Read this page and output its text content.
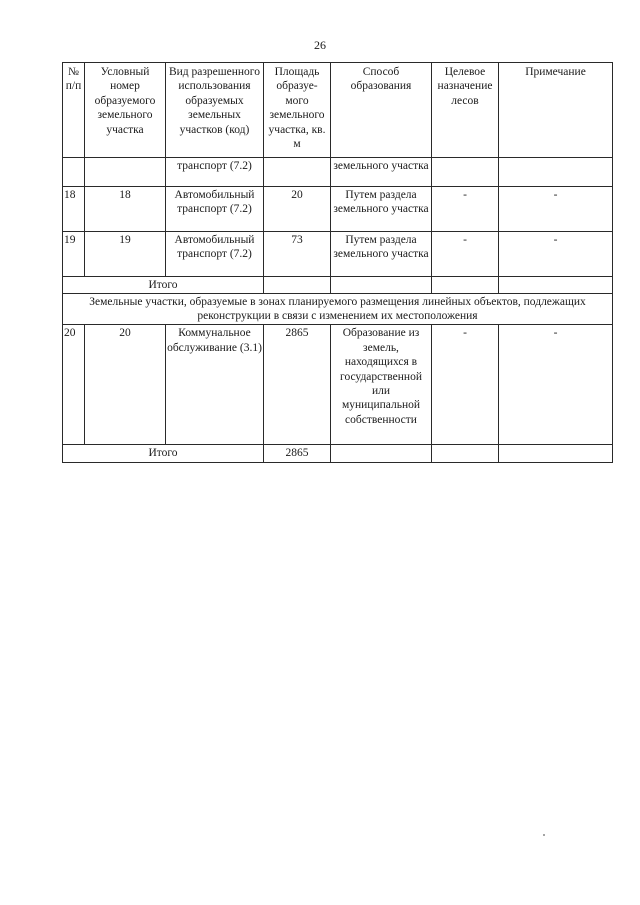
26
№ п/п	Условный номер образуемого земельного участка	Вид разрешенного использования образуемых земельных участков (код)	Площадь образуе-мого земельного участка, кв. м	Способ образования	Целевое назначение лесов	Примечание
		транспорт (7.2)		земельного участка		
18	18	Автомобильный транспорт (7.2)	20	Путем раздела земельного участка	-	-
19	19	Автомобильный транспорт (7.2)	73	Путем раздела земельного участка	-	-
Итого						
Земельные участки, образуемые в зонах планируемого размещения линейных объектов, подлежащих реконструкции в связи с изменением их местоположения						
20	20	Коммунальное обслуживание (3.1)	2865	Образование из земель, находящихся в государственной или муниципальной собственности	-	-
Итого			2865			
